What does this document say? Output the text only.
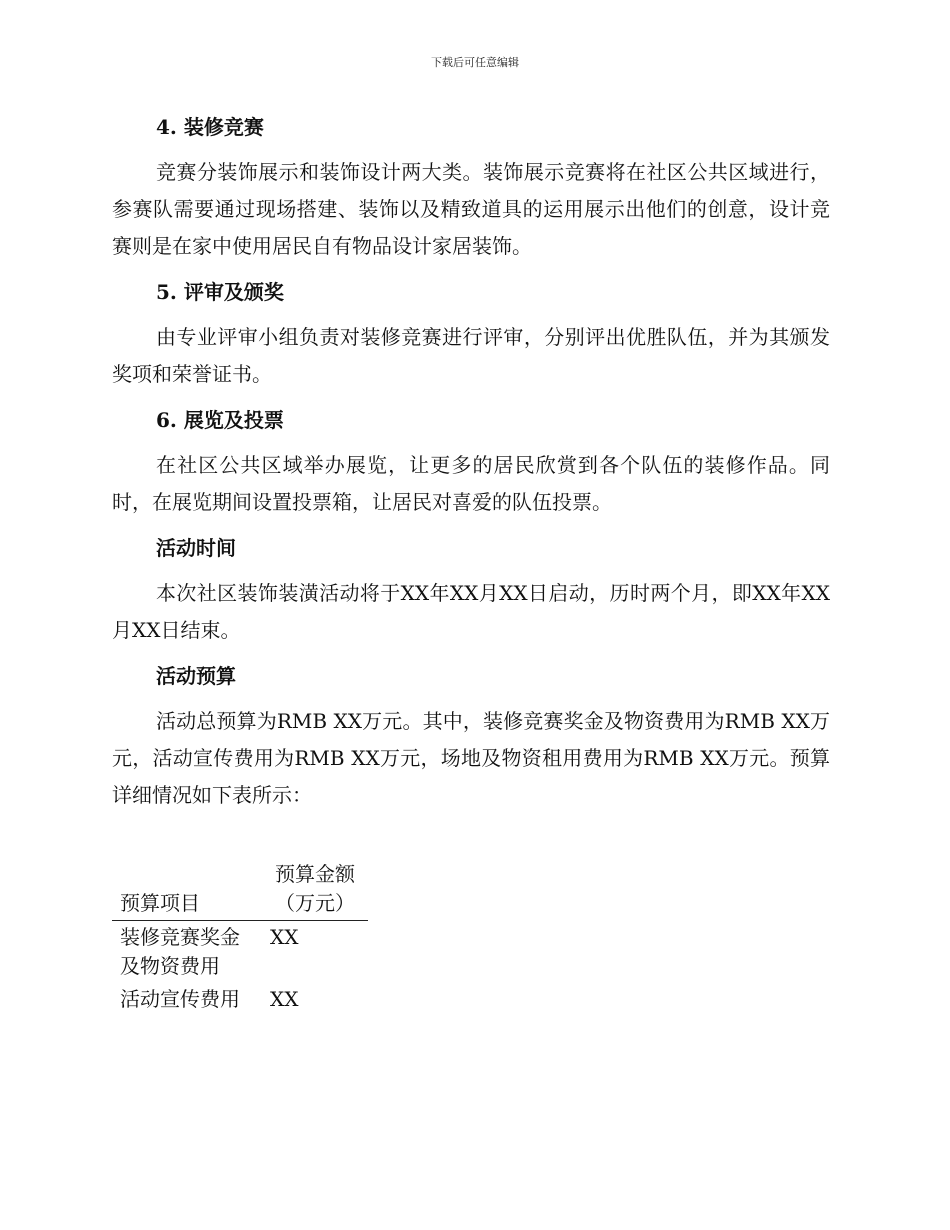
下载后可任意编辑
4. 装修竞赛

竞赛分装饰展示和装饰设计两大类。装饰展示竞赛将在社区公共区域进行，参赛队需要通过现场搭建、装饰以及精致道具的运用展示出他们的创意，设计竞赛则是在家中使用居民自有物品设计家居装饰。

5. 评审及颁奖

由专业评审小组负责对装修竞赛进行评审，分别评出优胜队伍，并为其颁发奖项和荣誉证书。

6. 展览及投票

在社区公共区域举办展览，让更多的居民欣赏到各个队伍的装修作品。同时，在展览期间设置投票箱，让居民对喜爱的队伍投票。

活动时间

本次社区装饰装潢活动将于XX年XX月XX日启动，历时两个月，即XX年XX月XX日结束。

活动预算

活动总预算为RMB XX万元。其中，装修竞赛奖金及物资费用为RMB XX万元，活动宣传费用为RMB XX万元，场地及物资租用费用为RMB XX万元。预算详细情况如下表所示：

预算项目	预算金额（万元）
装修竞赛奖金及物资费用	XX
活动宣传费用	XX
